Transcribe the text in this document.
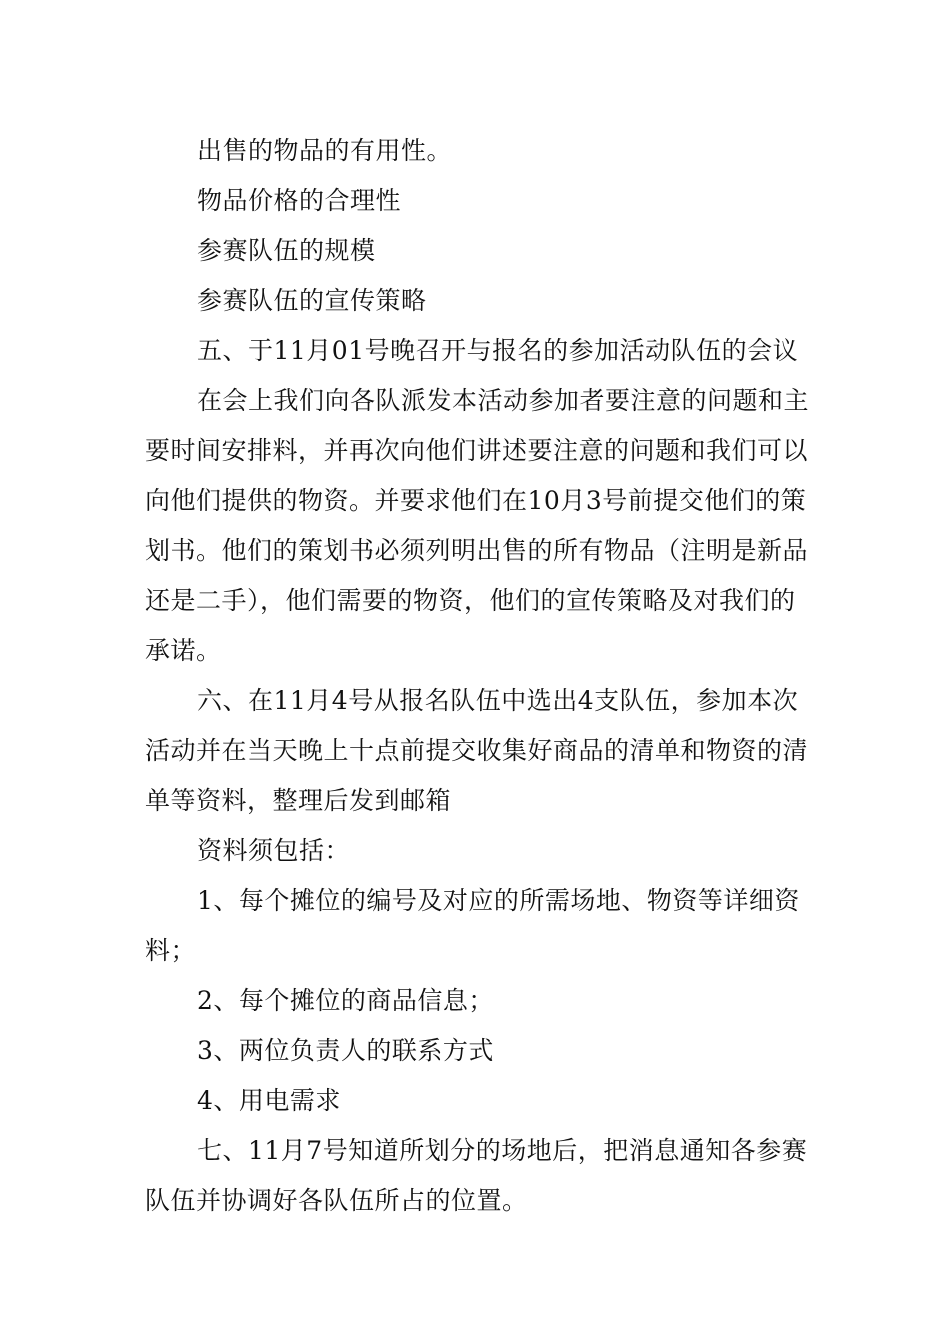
出售的物品的有用性。

物品价格的合理性

参赛队伍的规模

参赛队伍的宣传策略

五、于11月01号晚召开与报名的参加活动队伍的会议

在会上我们向各队派发本活动参加者要注意的问题和主要时间安排料，并再次向他们讲述要注意的问题和我们可以向他们提供的物资。并要求他们在10月3号前提交他们的策划书。他们的策划书必须列明出售的所有物品（注明是新品还是二手），他们需要的物资，他们的宣传策略及对我们的承诺。

六、在11月4号从报名队伍中选出4支队伍，参加本次活动并在当天晚上十点前提交收集好商品的清单和物资的清单等资料，整理后发到邮箱

资料须包括：

1、每个摊位的编号及对应的所需场地、物资等详细资料；

2、每个摊位的商品信息；

3、两位负责人的联系方式

4、用电需求

七、11月7号知道所划分的场地后，把消息通知各参赛队伍并协调好各队伍所占的位置。
